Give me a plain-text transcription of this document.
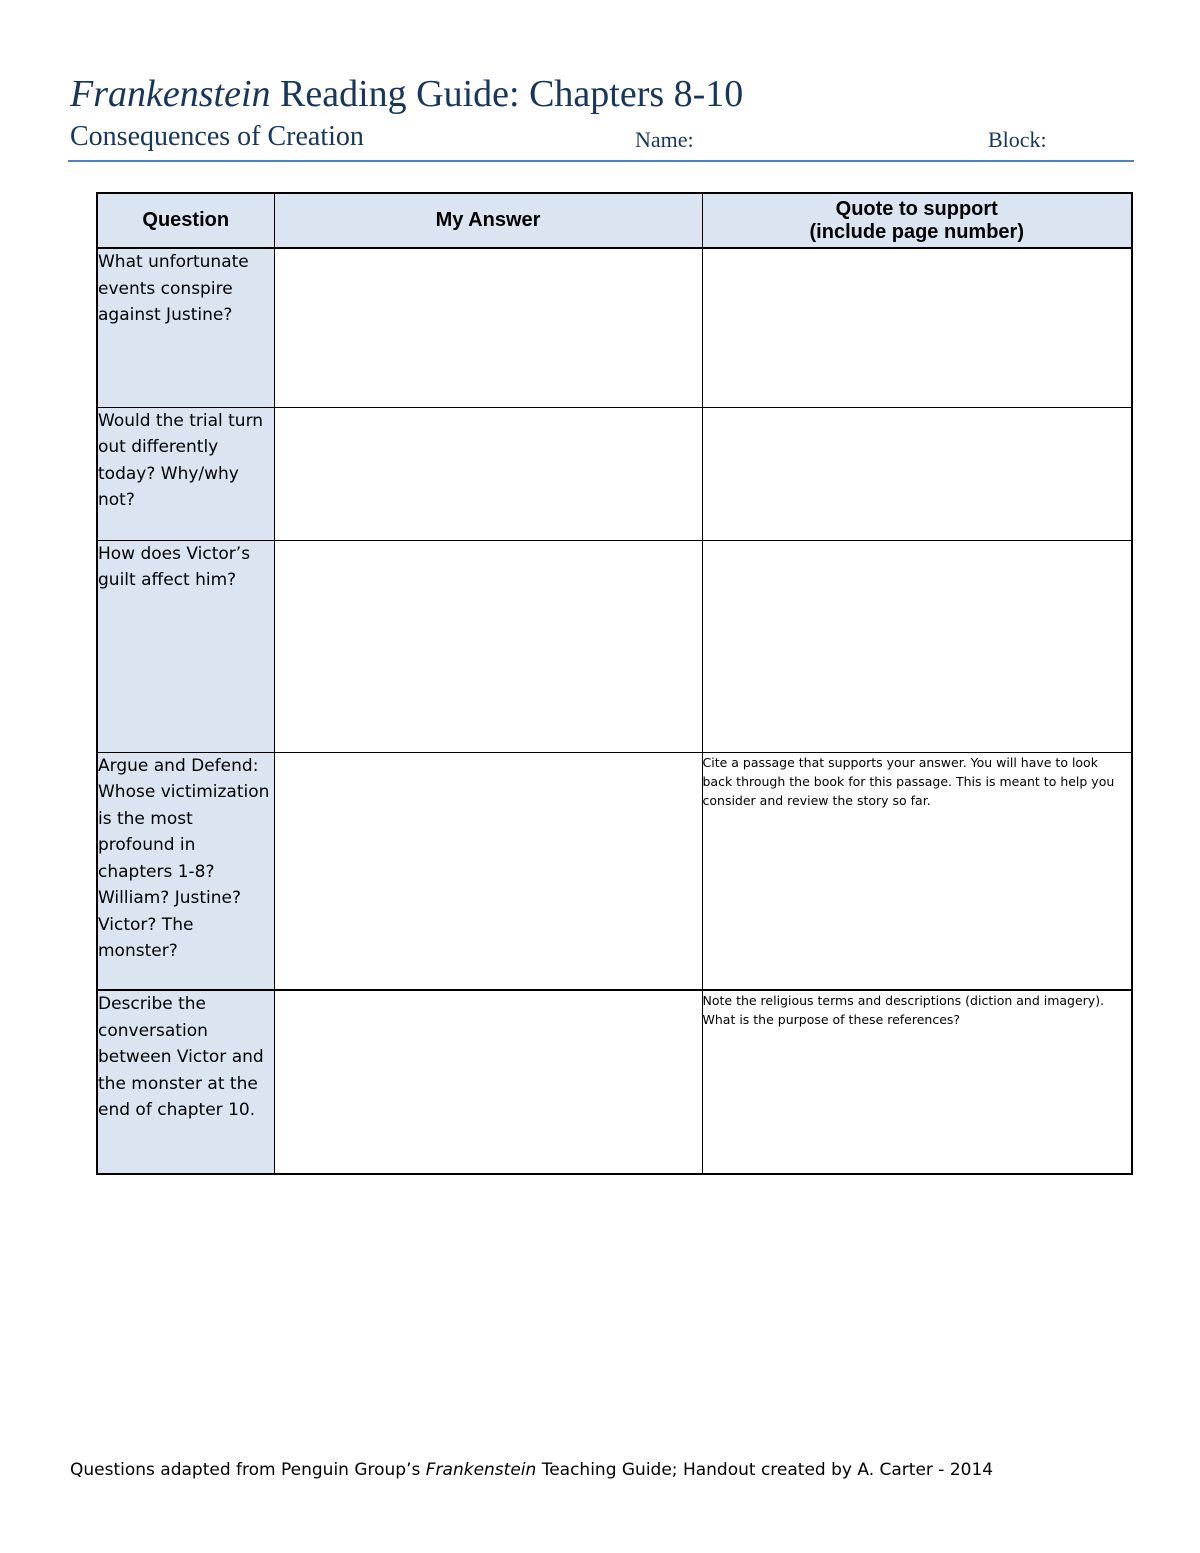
Frankenstein Reading Guide: Chapters 8-10
Consequences of Creation	Name:	Block:
Question	My Answer	Quote to support
(include page number)

What unfortunate events conspire against Justine?		
Would the trial turn out differently today? Why/why not?		
How does Victor’s guilt affect him?		
Argue and Defend: Whose victimization is the most profound in chapters 1-8? William? Justine? Victor? The monster?		Cite a passage that supports your answer. You will have to look back through the book for this passage. This is meant to help you consider and review the story so far.
Describe the conversation between Victor and the monster at the end of chapter 10.		Note the religious terms and descriptions (diction and imagery). What is the purpose of these references?
Questions adapted from Penguin Group’s Frankenstein Teaching Guide; Handout created by A. Carter - 2014
